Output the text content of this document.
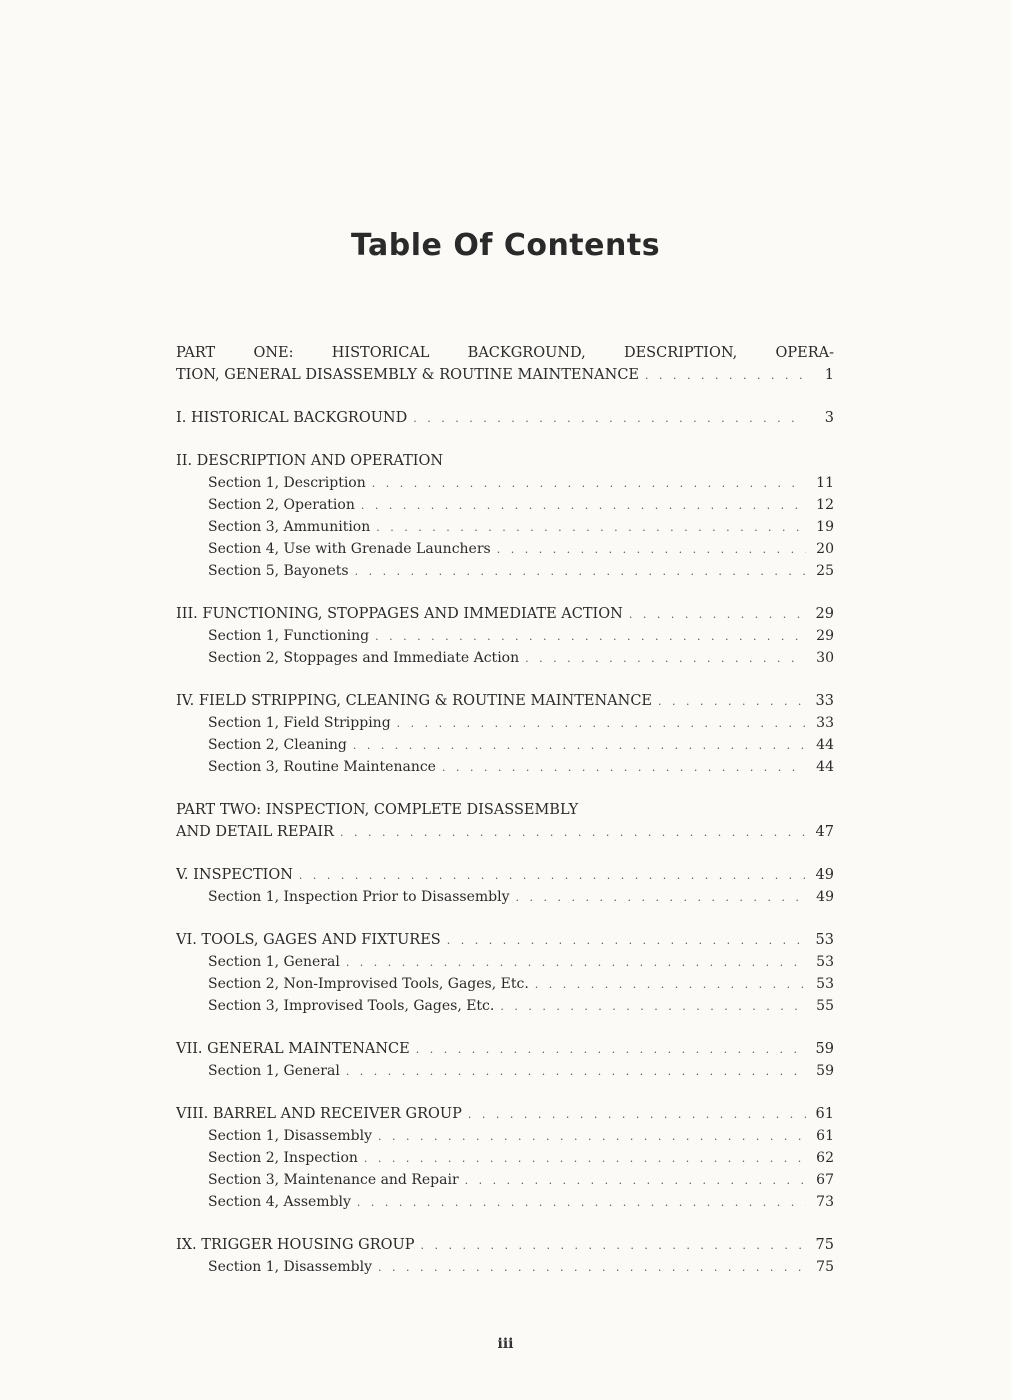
Table Of Contents
PART ONE: HISTORICAL BACKGROUND, DESCRIPTION, OPERA-
TION, GENERAL DISASSEMBLY & ROUTINE MAINTENANCE . . .	1
I. HISTORICAL BACKGROUND . . .	3
II. DESCRIPTION AND OPERATION
Section 1, Description . . .	11
Section 2, Operation . . .	12
Section 3, Ammunition . . .	19
Section 4, Use with Grenade Launchers . . .	20
Section 5, Bayonets . . .	25
III. FUNCTIONING, STOPPAGES AND IMMEDIATE ACTION . . .	29
Section 1, Functioning . . .	29
Section 2, Stoppages and Immediate Action . . .	30
IV. FIELD STRIPPING, CLEANING & ROUTINE MAINTENANCE . . .	33
Section 1, Field Stripping . . .	33
Section 2, Cleaning . . .	44
Section 3, Routine Maintenance . . .	44
PART TWO: INSPECTION, COMPLETE DISASSEMBLY
AND DETAIL REPAIR . . .	47
V. INSPECTION . . .	49
Section 1, Inspection Prior to Disassembly . . .	49
VI. TOOLS, GAGES AND FIXTURES . . .	53
Section 1, General . . .	53
Section 2, Non-Improvised Tools, Gages, Etc. . . .	53
Section 3, Improvised Tools, Gages, Etc. . . .	55
VII. GENERAL MAINTENANCE . . .	59
Section 1, General . . .	59
VIII. BARREL AND RECEIVER GROUP . . .	61
Section 1, Disassembly . . .	61
Section 2, Inspection . . .	62
Section 3, Maintenance and Repair . . .	67
Section 4, Assembly . . .	73
IX. TRIGGER HOUSING GROUP . . .	75
Section 1, Disassembly . . .	75
iii
